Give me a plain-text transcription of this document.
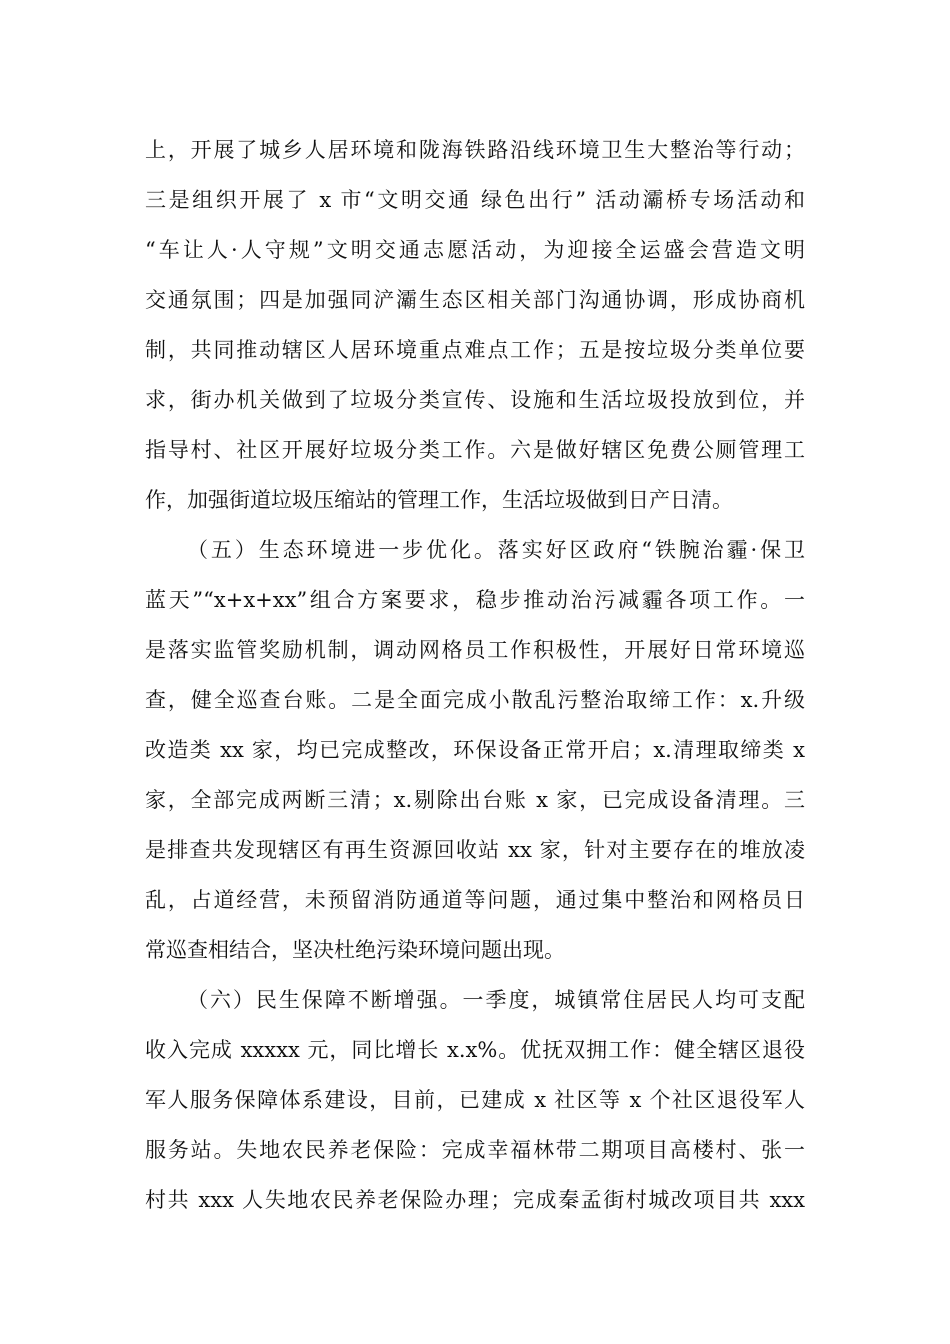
上，开展了城乡人居环境和陇海铁路沿线环境卫生大整治等行动；
三是组织开展了 x 市“文明交通 绿色出行” 活动灞桥专场活动和
“车让人·人守规”文明交通志愿活动，为迎接全运盛会营造文明
交通氛围；四是加强同浐灞生态区相关部门沟通协调，形成协商机
制，共同推动辖区人居环境重点难点工作；五是按垃圾分类单位要
求，街办机关做到了垃圾分类宣传、设施和生活垃圾投放到位，并
指导村、社区开展好垃圾分类工作。六是做好辖区免费公厕管理工
作，加强街道垃圾压缩站的管理工作，生活垃圾做到日产日清。
（五）生态环境进一步优化。落实好区政府“铁腕治霾·保卫
蓝天”“x+x+xx”组合方案要求，稳步推动治污减霾各项工作。一
是落实监管奖励机制，调动网格员工作积极性，开展好日常环境巡
查，健全巡查台账。二是全面完成小散乱污整治取缔工作：x.升级
改造类 xx 家，均已完成整改，环保设备正常开启；x.清理取缔类 x
家，全部完成两断三清；x.剔除出台账 x 家，已完成设备清理。三
是排查共发现辖区有再生资源回收站 xx 家，针对主要存在的堆放凌
乱，占道经营，未预留消防通道等问题，通过集中整治和网格员日
常巡查相结合，坚决杜绝污染环境问题出现。
（六）民生保障不断增强。一季度，城镇常住居民人均可支配
收入完成 xxxxx 元，同比增长 x.x%。优抚双拥工作：健全辖区退役
军人服务保障体系建设，目前，已建成 x 社区等 x 个社区退役军人
服务站。失地农民养老保险：完成幸福林带二期项目高楼村、张一
村共 xxx 人失地农民养老保险办理；完成秦孟街村城改项目共 xxx
